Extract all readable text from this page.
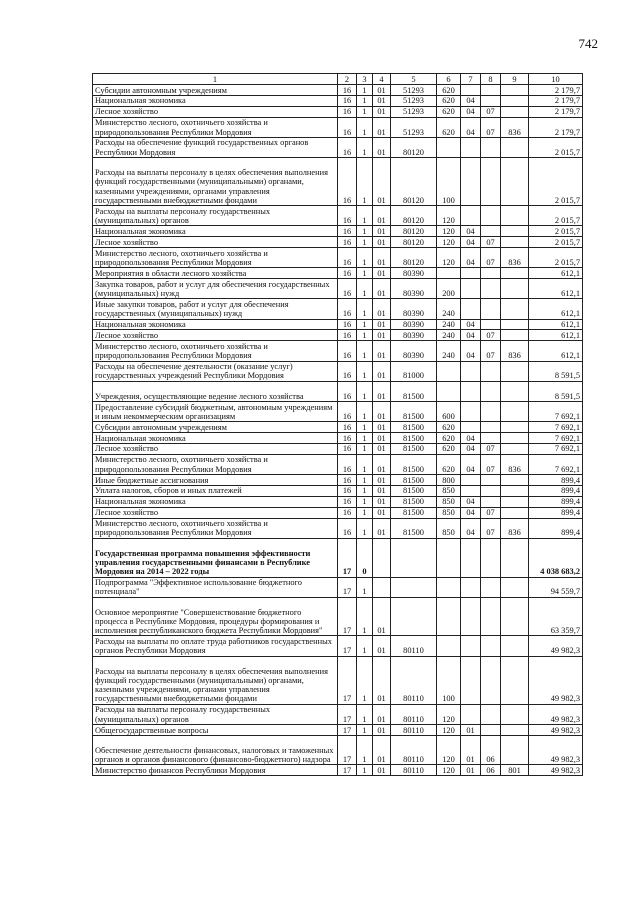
742
1	2	3	4	5	6	7	8	9	10
Субсидии автономным учреждениям	16	1	01	51293	620				2 179,7
Национальная экономика	16	1	01	51293	620	04			2 179,7
Лесное хозяйство	16	1	01	51293	620	04	07		2 179,7
Министерство лесного, охотничьего хозяйства и природопользования Республики Мордовия	16	1	01	51293	620	04	07	836	2 179,7
Расходы на обеспечение функций государственных органов Республики Мордовия	16	1	01	80120					2 015,7
Расходы на выплаты персоналу в целях обеспечения выполнения функций государственными (муниципальными) органами, казенными учреждениями, органами управления государственными внебюджетными фондами	16	1	01	80120	100				2 015,7
Расходы на выплаты персоналу государственных (муниципальных) органов	16	1	01	80120	120				2 015,7
Национальная экономика	16	1	01	80120	120	04			2 015,7
Лесное хозяйство	16	1	01	80120	120	04	07		2 015,7
Министерство лесного, охотничьего хозяйства и природопользования Республики Мордовия	16	1	01	80120	120	04	07	836	2 015,7
Мероприятия в области лесного хозяйства	16	1	01	80390					612,1
Закупка товаров, работ и услуг для обеспечения государственных (муниципальных) нужд	16	1	01	80390	200				612,1
Иные закупки товаров, работ и услуг для обеспечения государственных (муниципальных) нужд	16	1	01	80390	240				612,1
Национальная экономика	16	1	01	80390	240	04			612,1
Лесное хозяйство	16	1	01	80390	240	04	07		612,1
Министерство лесного, охотничьего хозяйства и природопользования Республики Мордовия	16	1	01	80390	240	04	07	836	612,1
Расходы на обеспечение деятельности (оказание услуг) государственных учреждений Республики Мордовия	16	1	01	81000					8 591,5
Учреждения, осуществляющие ведение лесного хозяйства	16	1	01	81500					8 591,5
Предоставление субсидий бюджетным, автономным учреждениям и иным некоммерческим организациям	16	1	01	81500	600				7 692,1
Субсидии автономным учреждениям	16	1	01	81500	620				7 692,1
Национальная экономика	16	1	01	81500	620	04			7 692,1
Лесное хозяйство	16	1	01	81500	620	04	07		7 692,1
Министерство лесного, охотничьего хозяйства и природопользования Республики Мордовия	16	1	01	81500	620	04	07	836	7 692,1
Иные бюджетные ассигнования	16	1	01	81500	800				899,4
Уплата налогов, сборов и иных платежей	16	1	01	81500	850				899,4
Национальная экономика	16	1	01	81500	850	04			899,4
Лесное хозяйство	16	1	01	81500	850	04	07		899,4
Министерство лесного, охотничьего хозяйства и природопользования Республики Мордовия	16	1	01	81500	850	04	07	836	899,4
Государственная программа повышения эффективности управления государственными финансами в Республике Мордовия на 2014 – 2022 годы	17	0							4 038 683,2
Подпрограмма "Эффективное использование бюджетного потенциала"	17	1							94 559,7
Основное мероприятие "Совершенствование бюджетного процесса в Республике Мордовия, процедуры формирования и исполнения республиканского бюджета Республики Мордовия"	17	1	01						63 359,7
Расходы на выплаты по оплате труда работников государственных органов Республики Мордовия	17	1	01	80110					49 982,3
Расходы на выплаты персоналу в целях обеспечения выполнения функций государственными (муниципальными) органами, казенными учреждениями, органами управления государственными внебюджетными фондами	17	1	01	80110	100				49 982,3
Расходы на выплаты персоналу государственных (муниципальных) органов	17	1	01	80110	120				49 982,3
Общегосударственные вопросы	17	1	01	80110	120	01			49 982,3
Обеспечение деятельности финансовых, налоговых и таможенных органов и органов финансового (финансово-бюджетного) надзора	17	1	01	80110	120	01	06		49 982,3
Министерство финансов Республики Мордовия	17	1	01	80110	120	01	06	801	49 982,3
